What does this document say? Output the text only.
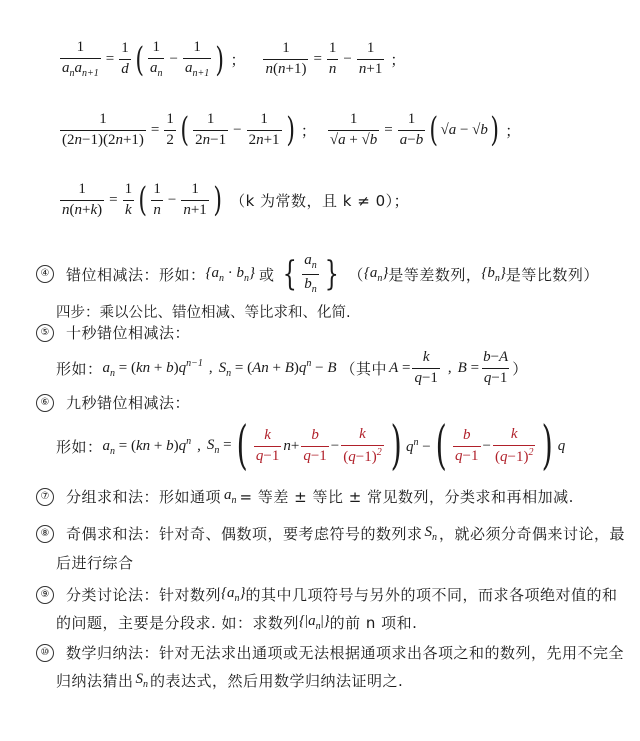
$\frac{1}{a_na_{n+1}} = \frac{1}{d}$ ( $\frac{1}{a_n} - \frac{1}{a_{n+1}}$ ) ； $\frac{1}{n(n+1)} = \frac{1}{n} - \frac{1}{n+1}$ ；
$\frac{1}{(2n-1)(2n+1)} = \frac{1}{2}$ ( $\frac{1}{2n-1} - \frac{1}{2n+1}$ ) ； $\frac{1}{√a + √b} = \frac{1}{a-b}$ ( √a − √b ) ；
$\frac{1}{n(n+k)} = \frac{1}{k}$ ( $\frac{1}{n} - \frac{1}{n+1}$ ) （k 为常数，且 k ≠ 0）；
④	错位相减法： 形如： $\{a_n \cdot b_n\}$ 或 { $\frac{a_n}{b_n}$ } （ $\{a_n\}$ 是等差数列， $\{b_n\}$ 是等比数列）
四步：乘以公比、错位相减、等比求和、化简.
⑤	十秒错位相减法：
形如： $a_n = (kn + b)q^{n-1}$ , $S_n = (An + B)q^n - B$ （其中 $A = \frac{k}{q-1}$ , $B = \frac{b-A}{q-1}$ ）
⑥	九秒错位相减法：
形如： $a_n = (kn + b)q^n$ , $S_n$ = ( $\frac{k}{q-1} n+ \frac{b}{q-1} - \frac{k}{(q-1)^2}$ ) $q^n$ − ( $\frac{b}{q-1} - \frac{k}{(q-1)^2}$ ) q
⑦	分组求和法：形如通项 $a_n$ = 等差 ± 等比 ± 常见数列，分类求和再相加减.
⑧	奇偶求和法：针对奇、偶数项，要考虑符号的数列求 $S_n$ ，就必须分奇偶来讨论，最
后进行综合
⑨	分类讨论法：针对数列 $\{a_n\}$ 的其中几项符号与另外的项不同，而求各项绝对值的和
的问题，主要是分段求. 如：求数列 $\{|a_n|\}$ 的前 n 项和.
⑩	数学归纳法：针对无法求出通项或无法根据通项求出各项之和的数列，先用不完全
归纳法猜出 $S_n$ 的表达式，然后用数学归纳法证明之.
